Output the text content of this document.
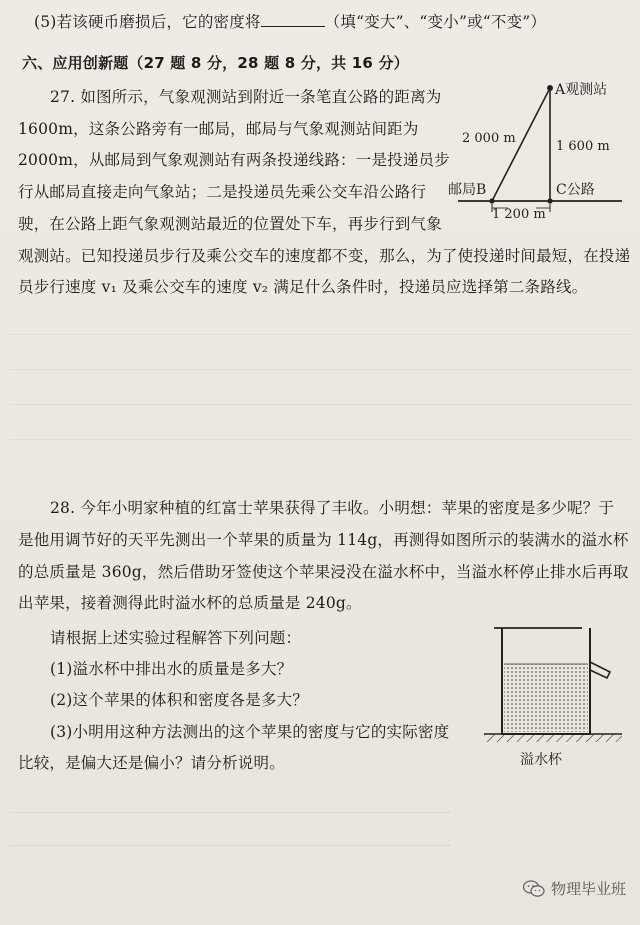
(5)若该硬币磨损后，它的密度将	（填“变大”、“变小”或“不变”）
六、应用创新题（27 题 8 分，28 题 8 分，共 16 分）
27. 如图所示，气象观测站到附近一条笔直公路的距离为
1600m，这条公路旁有一邮局，邮局与气象观测站间距为
2000m，从邮局到气象观测站有两条投递线路：一是投递员步
行从邮局直接走向气象站；二是投递员先乘公交车沿公路行
驶，在公路上距气象观测站最近的位置处下车，再步行到气象
观测站。已知投递员步行及乘公交车的速度都不变，那么，为了使投递时间最短，在投递
员步行速度 v₁ 及乘公交车的速度 v₂ 满足什么条件时，投递员应选择第二条路线。
A观测站
2 000 m
1 600 m
邮局B	C公路
1 200 m
28. 今年小明家种植的红富士苹果获得了丰收。小明想：苹果的密度是多少呢？于
是他用调节好的天平先测出一个苹果的质量为 114g，再测得如图所示的装满水的溢水杯
的总质量是 360g，然后借助牙签使这个苹果浸没在溢水杯中，当溢水杯停止排水后再取
出苹果，接着测得此时溢水杯的总质量是 240g。
请根据上述实验过程解答下列问题：
(1)溢水杯中排出水的质量是多大？
(2)这个苹果的体积和密度各是多大？
(3)小明用这种方法测出的这个苹果的密度与它的实际密度
比较，是偏大还是偏小？请分析说明。	溢水杯
物理毕业班
